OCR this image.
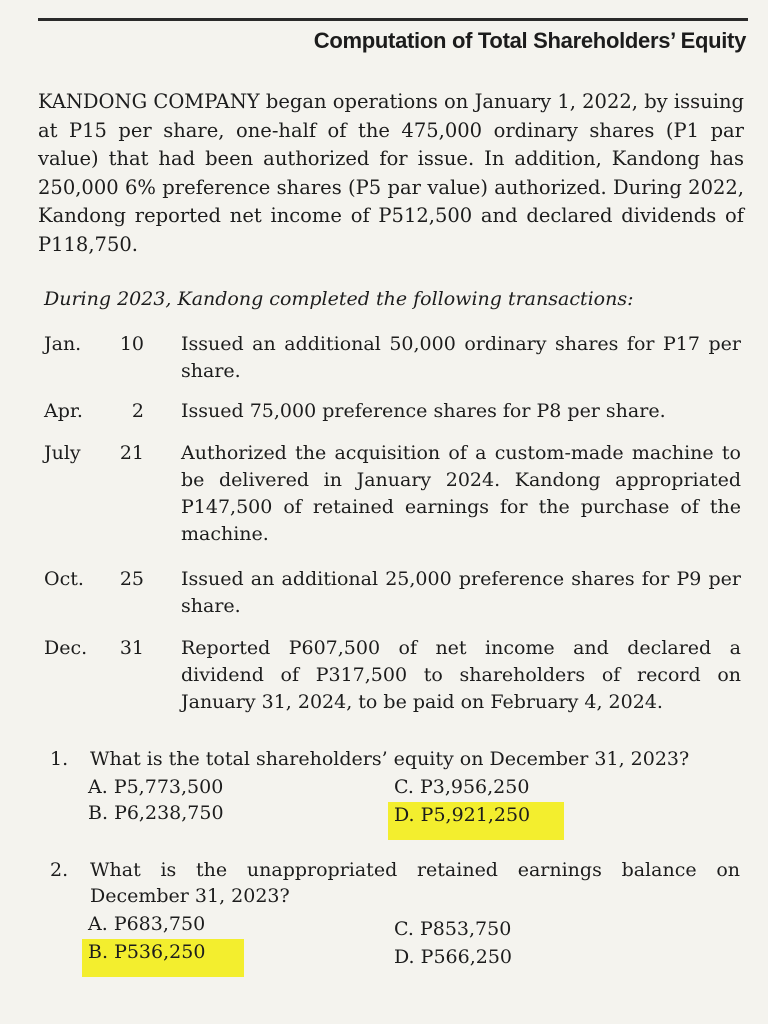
Computation of Total Shareholders’ Equity
KANDONG COMPANY began operations on January 1, 2022, by issuing at P15 per share, one-half of the 475,000 ordinary shares (P1 par value) that had been authorized for issue. In addition, Kandong has 250,000 6% preference shares (P5 par value) authorized. During 2022, Kandong reported net income of P512,500 and declared dividends of P118,750.
During 2023, Kandong completed the following transactions:
Jan.	10 Issued an additional 50,000 ordinary shares for P17 per share.
Apr.	2 Issued 75,000 preference shares for P8 per share.
July	21 Authorized the acquisition of a custom-made machine to be delivered in January 2024. Kandong appropriated P147,500 of retained earnings for the purchase of the machine.
Oct.	25 Issued an additional 25,000 preference shares for P9 per share.
Dec.	31 Reported P607,500 of net income and declared a dividend of P317,500 to shareholders of record on January 31, 2024, to be paid on February 4, 2024.
1. What is the total shareholders’ equity on December 31, 2023?
A. P5,773,500
B. P6,238,750
C. P3,956,250
D. P5,921,250
2. What is the unappropriated retained earnings balance on December 31, 2023?
A. P683,750
B. P536,250
C. P853,750
D. P566,250
